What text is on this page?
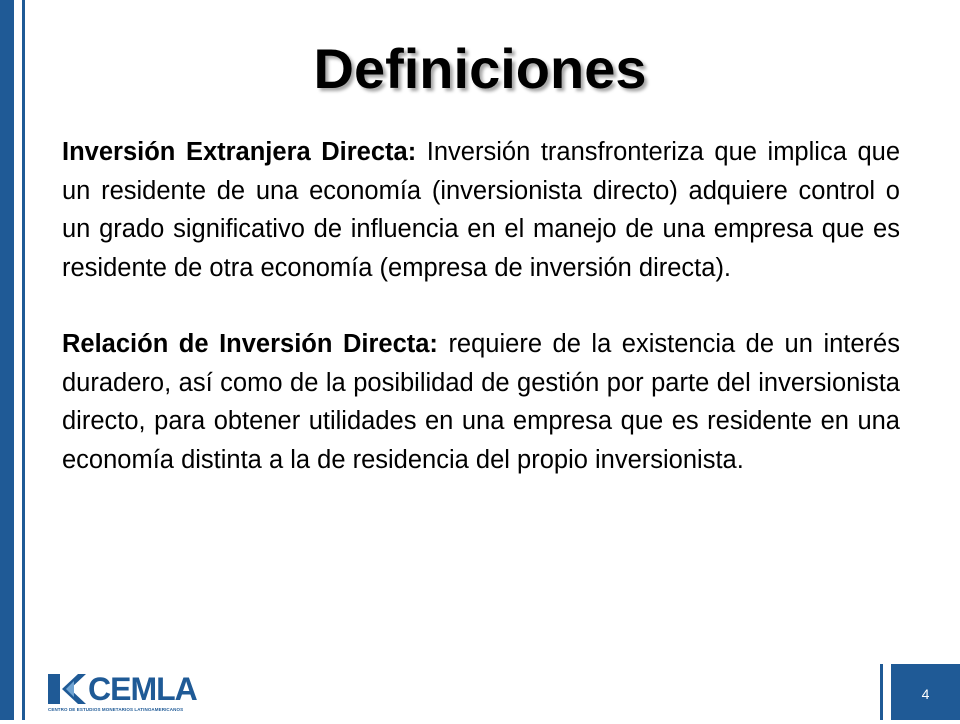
Definiciones

Inversión Extranjera Directa: Inversión transfronteriza que implica que un residente de una economía (inversionista directo) adquiere control o un grado significativo de influencia en el manejo de una empresa que es residente de otra economía (empresa de inversión directa).

Relación de Inversión Directa: requiere de la existencia de un interés duradero, así como de la posibilidad de gestión por parte del inversionista directo, para obtener utilidades en una empresa que es residente en una economía distinta a la de residencia del propio inversionista.

CEMLA
CENTRO DE ESTUDIOS MONETARIOS LATINOAMERICANOS
4
